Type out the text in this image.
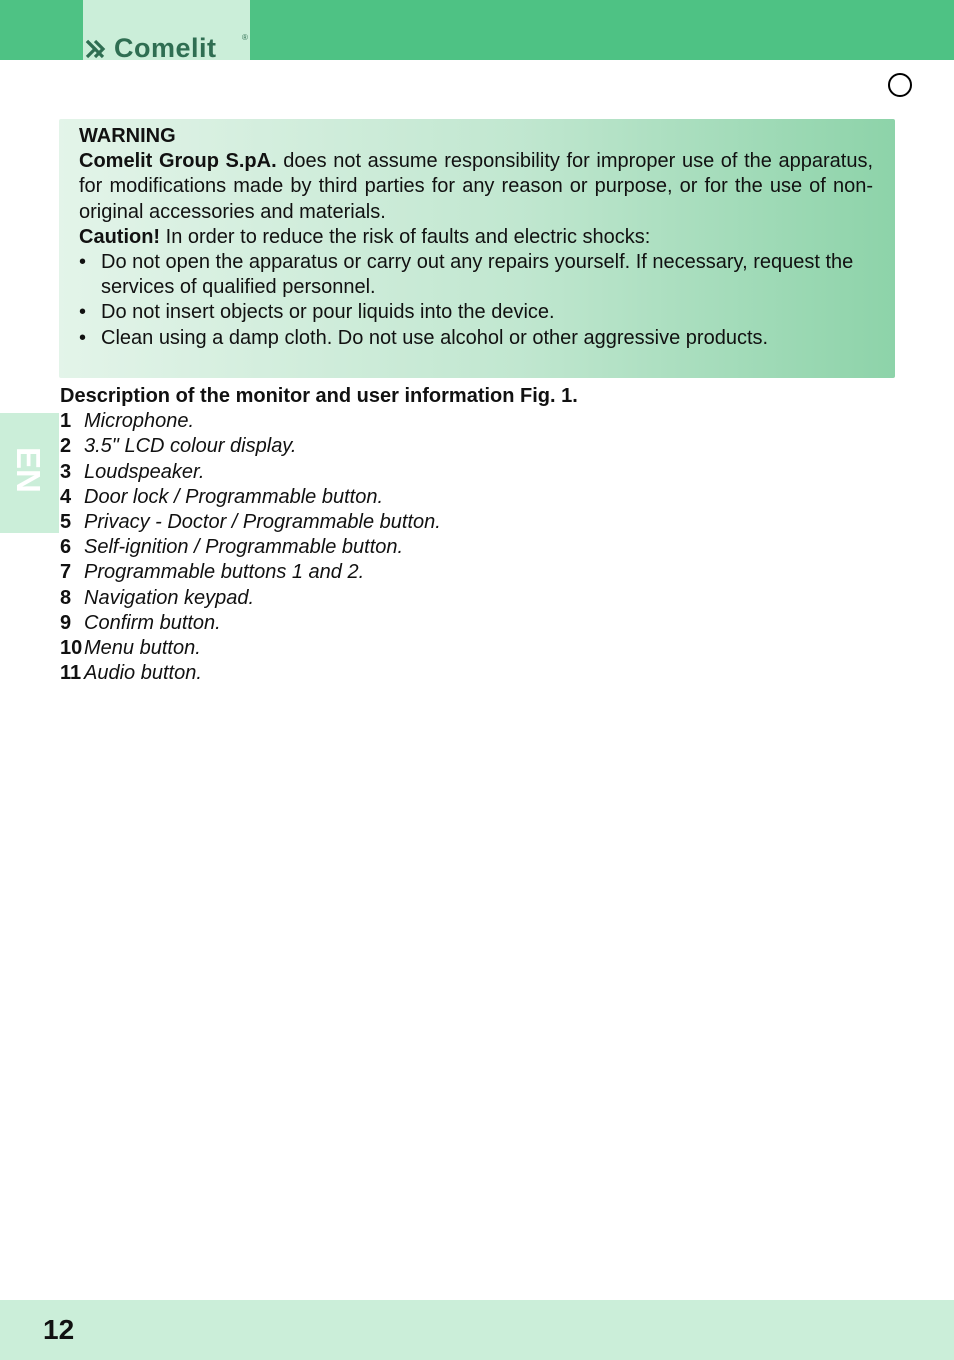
Comelit	®

WARNING

Comelit Group S.pA. does not assume responsibility for improper use of the apparatus, for modifications made by third parties for any reason or purpose, or for the use of non-original accessories and materials.

Caution! In order to reduce the risk of faults and electric shocks:

• Do not open the apparatus or carry out any repairs yourself. If necessary, request the services of qualified personnel.
• Do not insert objects or pour liquids into the device.
• Clean using a damp cloth. Do not use alcohol or other aggressive products.
EN
Description of the monitor and user information Fig. 1.
1 Microphone.
2 3.5" LCD colour display.
3 Loudspeaker.
4 Door lock / Programmable button.
5 Privacy - Doctor / Programmable button.
6 Self-ignition / Programmable button.
7 Programmable buttons 1 and 2.
8 Navigation keypad.
9 Confirm button.
10 Menu button.
11 Audio button.
12
